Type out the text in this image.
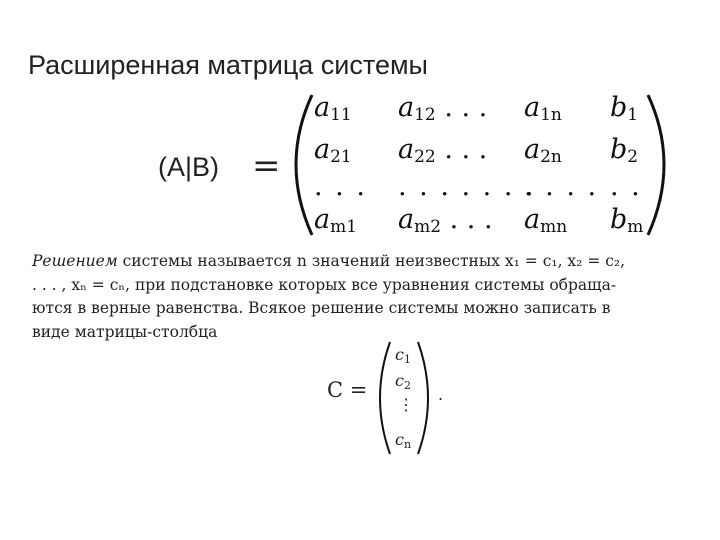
Расширенная матрица системы
(A|B) =
$a_{11}$ $a_{12}$ . . . $a_{1n}$ $b_1$
$a_{21}$ $a_{22}$ . . . $a_{2n}$ $b_2$
. . . . . . . . . .
. . . . . .
$a_{m1}$ $a_{m2}$ . . . $a_{mn}$ $b_m$
Решением системы называется n значений неизвестных x₁ = c₁, x₂ = c₂,
. . . , xₙ = cₙ, при подстановке которых все уравнения системы обраща-
ются в верные равенства. Всякое решение системы можно записать в
виде матрицы-столбца
C =
$c_1$
$c_2$
⋮
$c_n$
.
